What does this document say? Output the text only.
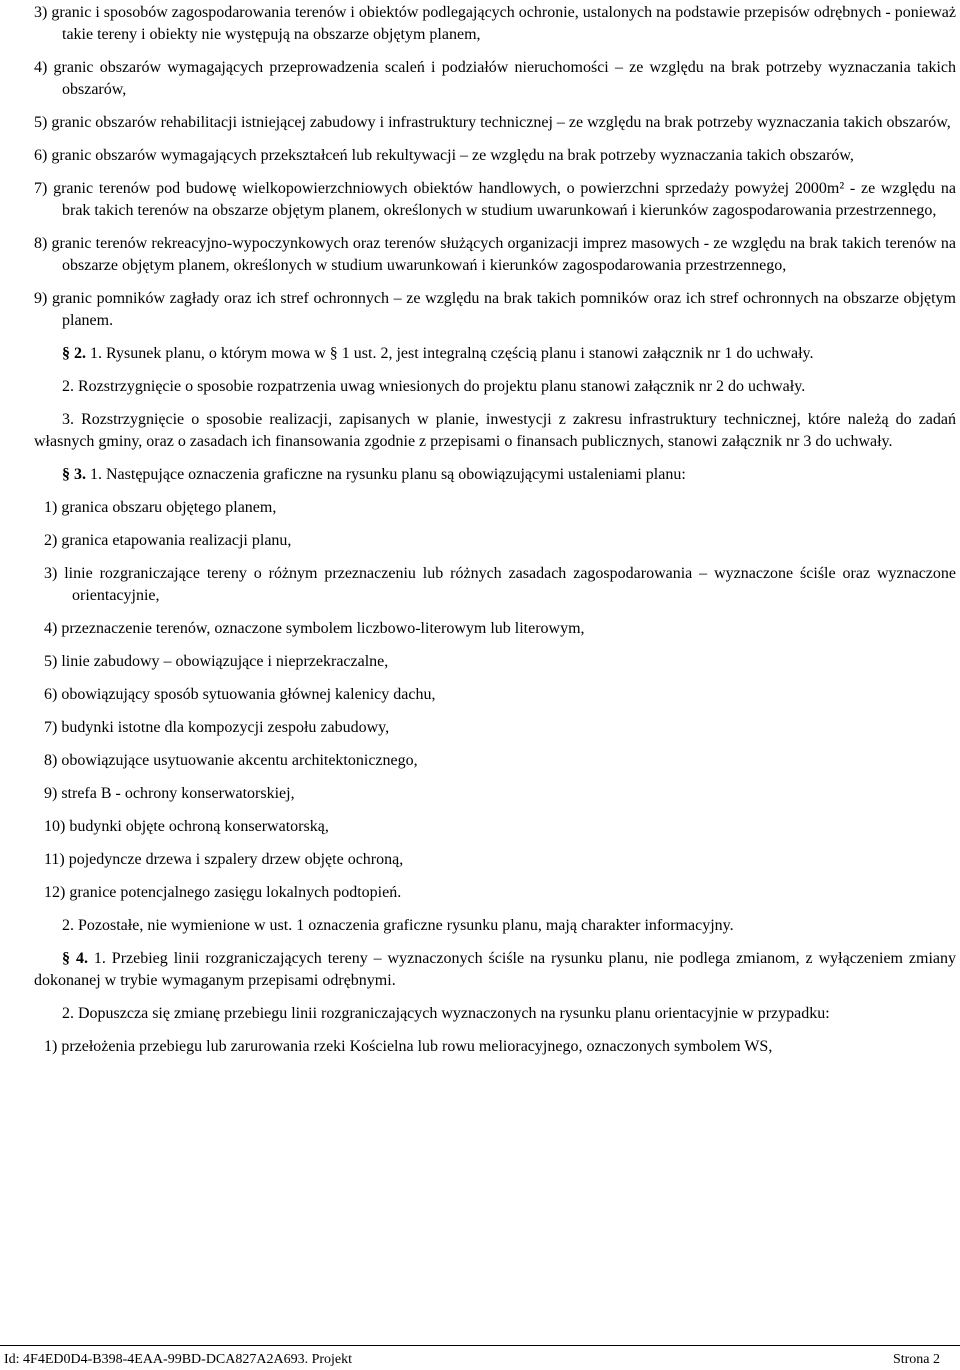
3) granic i sposobów zagospodarowania terenów i obiektów podlegających ochronie, ustalonych na podstawie przepisów odrębnych - ponieważ takie tereny i obiekty nie występują na obszarze objętym planem,

4) granic obszarów wymagających przeprowadzenia scaleń i podziałów nieruchomości – ze względu na brak potrzeby wyznaczania takich obszarów,

5) granic obszarów rehabilitacji istniejącej zabudowy i infrastruktury technicznej – ze względu na brak potrzeby wyznaczania takich obszarów,

6) granic obszarów wymagających przekształceń lub rekultywacji – ze względu na brak potrzeby wyznaczania takich obszarów,

7) granic terenów pod budowę wielkopowierzchniowych obiektów handlowych, o powierzchni sprzedaży powyżej 2000m² - ze względu na brak takich terenów na obszarze objętym planem, określonych w studium uwarunkowań i kierunków zagospodarowania przestrzennego,

8) granic terenów rekreacyjno-wypoczynkowych oraz terenów służących organizacji imprez masowych - ze względu na brak takich terenów na obszarze objętym planem, określonych w studium uwarunkowań i kierunków zagospodarowania przestrzennego,

9) granic pomników zagłady oraz ich stref ochronnych – ze względu na brak takich pomników oraz ich stref ochronnych na obszarze objętym planem.

§ 2. 1. Rysunek planu, o którym mowa w § 1 ust. 2, jest integralną częścią planu i stanowi załącznik nr 1 do uchwały.

2. Rozstrzygnięcie o sposobie rozpatrzenia uwag wniesionych do projektu planu stanowi załącznik nr 2 do uchwały.

3. Rozstrzygnięcie o sposobie realizacji, zapisanych w planie, inwestycji z zakresu infrastruktury technicznej, które należą do zadań własnych gminy, oraz o zasadach ich finansowania zgodnie z przepisami o finansach publicznych, stanowi załącznik nr 3 do uchwały.

§ 3. 1. Następujące oznaczenia graficzne na rysunku planu są obowiązującymi ustaleniami planu:

1) granica obszaru objętego planem,

2) granica etapowania realizacji planu,

3) linie rozgraniczające tereny o różnym przeznaczeniu lub różnych zasadach zagospodarowania – wyznaczone ściśle oraz wyznaczone orientacyjnie,

4) przeznaczenie terenów, oznaczone symbolem liczbowo-literowym lub literowym,

5) linie zabudowy – obowiązujące i nieprzekraczalne,

6) obowiązujący sposób sytuowania głównej kalenicy dachu,

7) budynki istotne dla kompozycji zespołu zabudowy,

8) obowiązujące usytuowanie akcentu architektonicznego,

9) strefa B - ochrony konserwatorskiej,

10) budynki objęte ochroną konserwatorską,

11) pojedyncze drzewa i szpalery drzew objęte ochroną,

12) granice potencjalnego zasięgu lokalnych podtopień.

2. Pozostałe, nie wymienione w ust. 1 oznaczenia graficzne rysunku planu, mają charakter informacyjny.

§ 4. 1. Przebieg linii rozgraniczających tereny – wyznaczonych ściśle na rysunku planu, nie podlega zmianom, z wyłączeniem zmiany dokonanej w trybie wymaganym przepisami odrębnymi.

2. Dopuszcza się zmianę przebiegu linii rozgraniczających wyznaczonych na rysunku planu orientacyjnie w przypadku:

1) przełożenia przebiegu lub zarurowania rzeki Kościelna lub rowu melioracyjnego, oznaczonych symbolem WS,

Id: 4F4ED0D4-B398-4EAA-99BD-DCA827A2A693. Projekt	Strona 2
